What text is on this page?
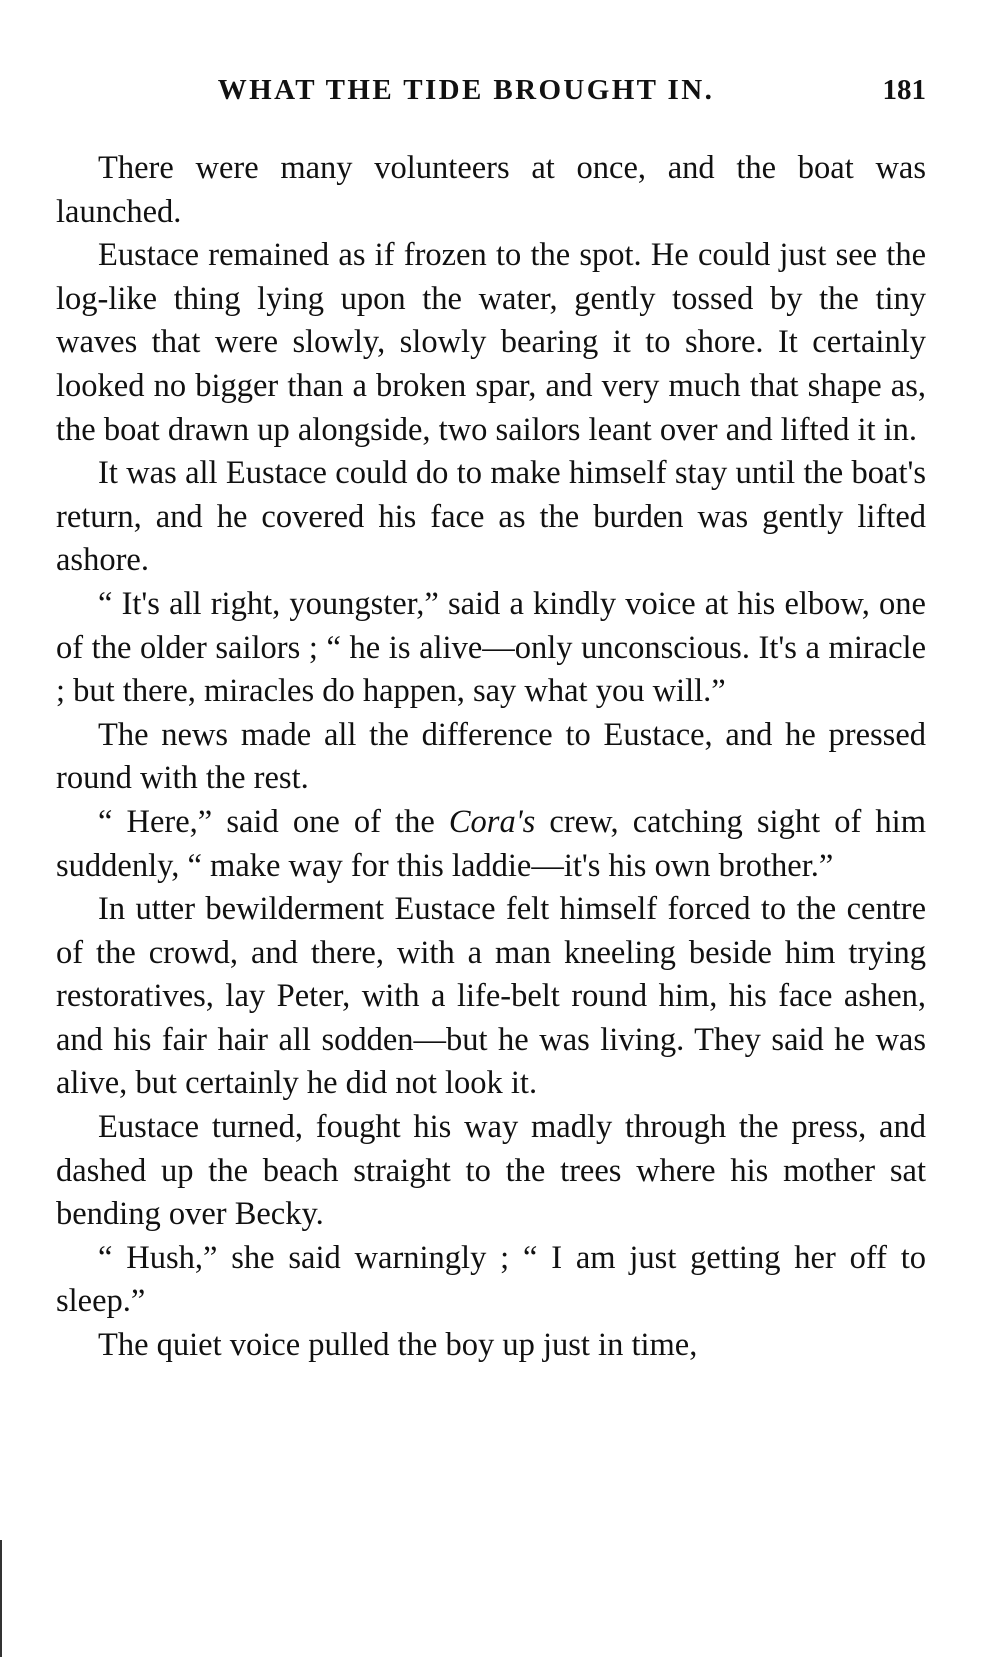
WHAT THE TIDE BROUGHT IN.	181

There were many volunteers at once, and the boat was launched.

Eustace remained as if frozen to the spot. He could just see the log-like thing lying upon the water, gently tossed by the tiny waves that were slowly, slowly bearing it to shore. It certainly looked no bigger than a broken spar, and very much that shape as, the boat drawn up alongside, two sailors leant over and lifted it in.

It was all Eustace could do to make himself stay until the boat's return, and he covered his face as the burden was gently lifted ashore.

“ It's all right, youngster,” said a kindly voice at his elbow, one of the older sailors ; “ he is alive—only unconscious. It's a miracle ; but there, miracles do happen, say what you will.”

The news made all the difference to Eustace, and he pressed round with the rest.

“ Here,” said one of the Cora's crew, catching sight of him suddenly, “ make way for this laddie—it's his own brother.”

In utter bewilderment Eustace felt himself forced to the centre of the crowd, and there, with a man kneeling beside him trying restoratives, lay Peter, with a life-belt round him, his face ashen, and his fair hair all sodden—but he was living. They said he was alive, but certainly he did not look it.

Eustace turned, fought his way madly through the press, and dashed up the beach straight to the trees where his mother sat bending over Becky.

“ Hush,” she said warningly ; “ I am just getting her off to sleep.”

The quiet voice pulled the boy up just in time,
